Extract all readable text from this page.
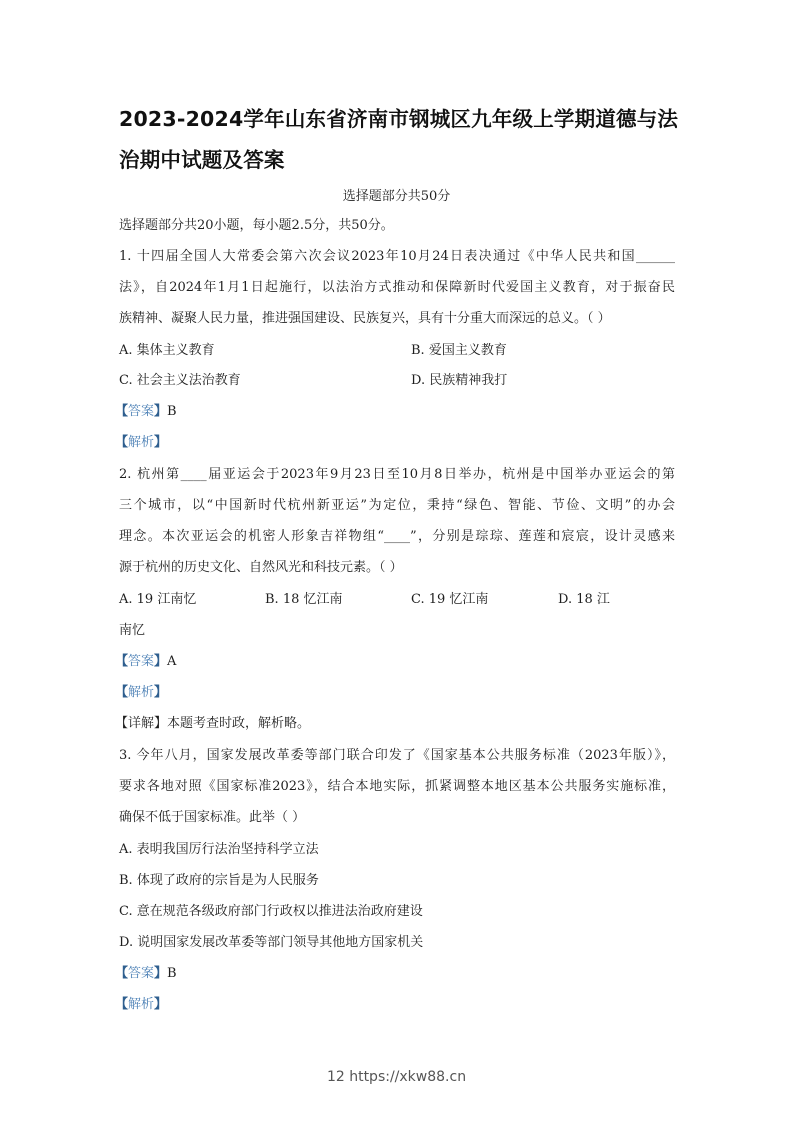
2023-2024学年山东省济南市钢城区九年级上学期道德与法
治期中试题及答案
选择题部分共50分
选择题部分共20小题，每小题2.5分，共50分。
1. 十四届全国人大常委会第六次会议2023年10月24日表决通过《中华人民共和国______
法》，自2024年1月1日起施行，以法治方式推动和保障新时代爱国主义教育，对于振奋民
族精神、凝聚人民力量，推进强国建设、民族复兴，具有十分重大而深远的总义。（ ）
A. 集体主义教育	B. 爱国主义教育
C. 社会主义法治教育	D. 民族精神我打
【答案】B
【解析】
2. 杭州第____届亚运会于2023年9月23日至10月8日举办，杭州是中国举办亚运会的第
三个城市，以“中国新时代杭州新亚运”为定位，秉持“绿色、智能、节俭、文明”的办会
理念。本次亚运会的机密人形象吉祥物组“____”，分别是琮琮、莲莲和宸宸，设计灵感来
源于杭州的历史文化、自然风光和科技元素。（ ）
A. 19 江南忆	B. 18 忆江南	C. 19 忆江南	D. 18 江
南忆
【答案】A
【解析】
【详解】本题考查时政，解析略。
3. 今年八月，国家发展改革委等部门联合印发了《国家基本公共服务标准（2023年版）》，
要求各地对照《国家标准2023》，结合本地实际，抓紧调整本地区基本公共服务实施标准，
确保不低于国家标准。此举（ ）
A. 表明我国厉行法治坚持科学立法
B. 体现了政府的宗旨是为人民服务
C. 意在规范各级政府部门行政权以推进法治政府建设
D. 说明国家发展改革委等部门领导其他地方国家机关
【答案】B
【解析】
12 https://xkw88.cn
